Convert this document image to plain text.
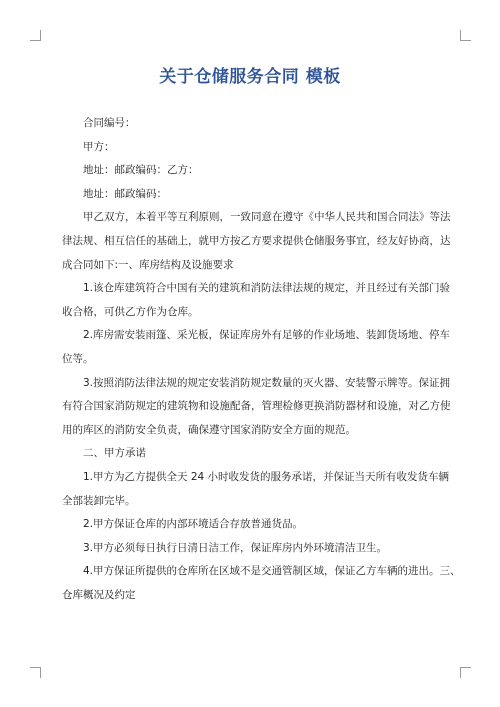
关于仓储服务合同 模板
合同编号：
甲方：
地址：邮政编码：乙方：
地址：邮政编码：
甲乙双方，本着平等互利原则，一致同意在遵守《中华人民共和国合同法》等法
律法规、相互信任的基础上，就甲方按乙方要求提供仓储服务事宜，经友好协商，达
成合同如下:一、库房结构及设施要求
1.该仓库建筑符合中国有关的建筑和消防法律法规的规定，并且经过有关部门验
收合格，可供乙方作为仓库。
2.库房需安装雨篷、采光板，保证库房外有足够的作业场地、装卸货场地、停车
位等。
3.按照消防法律法规的规定安装消防规定数量的灭火器、安装警示牌等。保证拥
有符合国家消防规定的建筑物和设施配备，管理检修更换消防器材和设施，对乙方使
用的库区的消防安全负责，确保遵守国家消防安全方面的规范。
二、甲方承诺
1.甲方为乙方提供全天 24 小时收发货的服务承诺，并保证当天所有收发货车辆
全部装卸完毕。
2.甲方保证仓库的内部环境适合存放普通货品。
3.甲方必须每日执行日清日洁工作，保证库房内外环境清洁卫生。
4.甲方保证所提供的仓库所在区域不是交通管制区域，保证乙方车辆的进出。三、
仓库概况及约定
